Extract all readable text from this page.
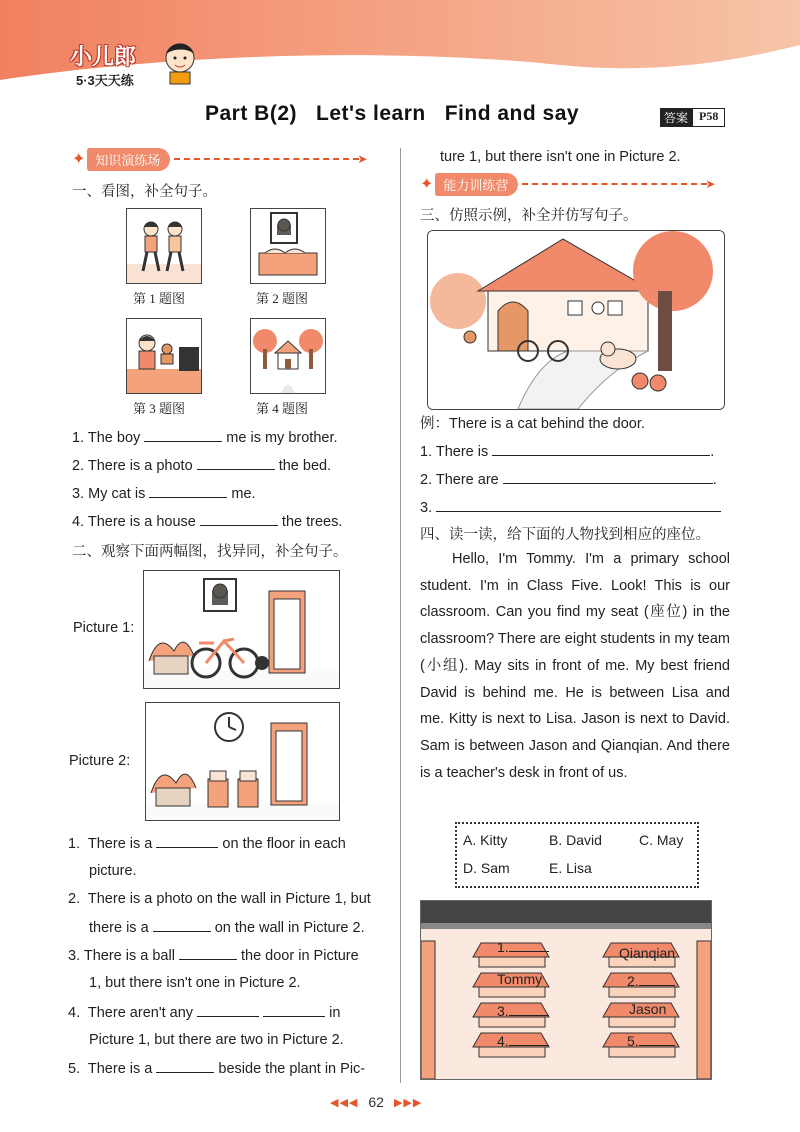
小儿郎
5·3天天练
Part B(2)   Let's learn   Find and say	答案 P58
✦ 知识演练场	➤
一、看图，补全句子。
第 1 题图	第 2 题图
第 3 题图	第 4 题图
1. The boy	me is my brother.
2. There is a photo	the bed.
3. My cat is	me.
4. There is a house	the trees.
二、观察下面两幅图，找异同，补全句子。
Picture 1:
Picture 2:
1.  There is a	on the floor in each
picture.
2.  There is a photo on the wall in Picture 1, but
there is a	on the wall in Picture 2.
3. There is a ball	the door in Picture
1, but there isn't one in Picture 2.
4.  There aren't any	in
Picture 1, but there are two in Picture 2.
5.  There is a	beside the plant in Pic-
ture 1, but there isn't one in Picture 2.
✦ 能力训练营	➤
三、仿照示例，补全并仿写句子。
例：There is a cat behind the door.
1. There is	.
2. There are	.
3.
四、读一读，给下面的人物找到相应的座位。

Hello, I'm Tommy. I'm a primary school student. I'm in Class Five. Look! This is our classroom. Can you find my seat (座位) in the classroom? There are eight students in my team (小组). May sits in front of me. My best friend David is behind me. He is between Lisa and me. Kitty is next to Lisa. Jason is next to David. Sam is between Jason and Qianqian. And there is a teacher's desk in front of us.

A. Kitty	B. David	C. May
D. Sam	E. Lisa
1.	Qianqian
Tommy	2.
3.	Jason
4.	5.
◀◀◀ 62 ▶▶▶
